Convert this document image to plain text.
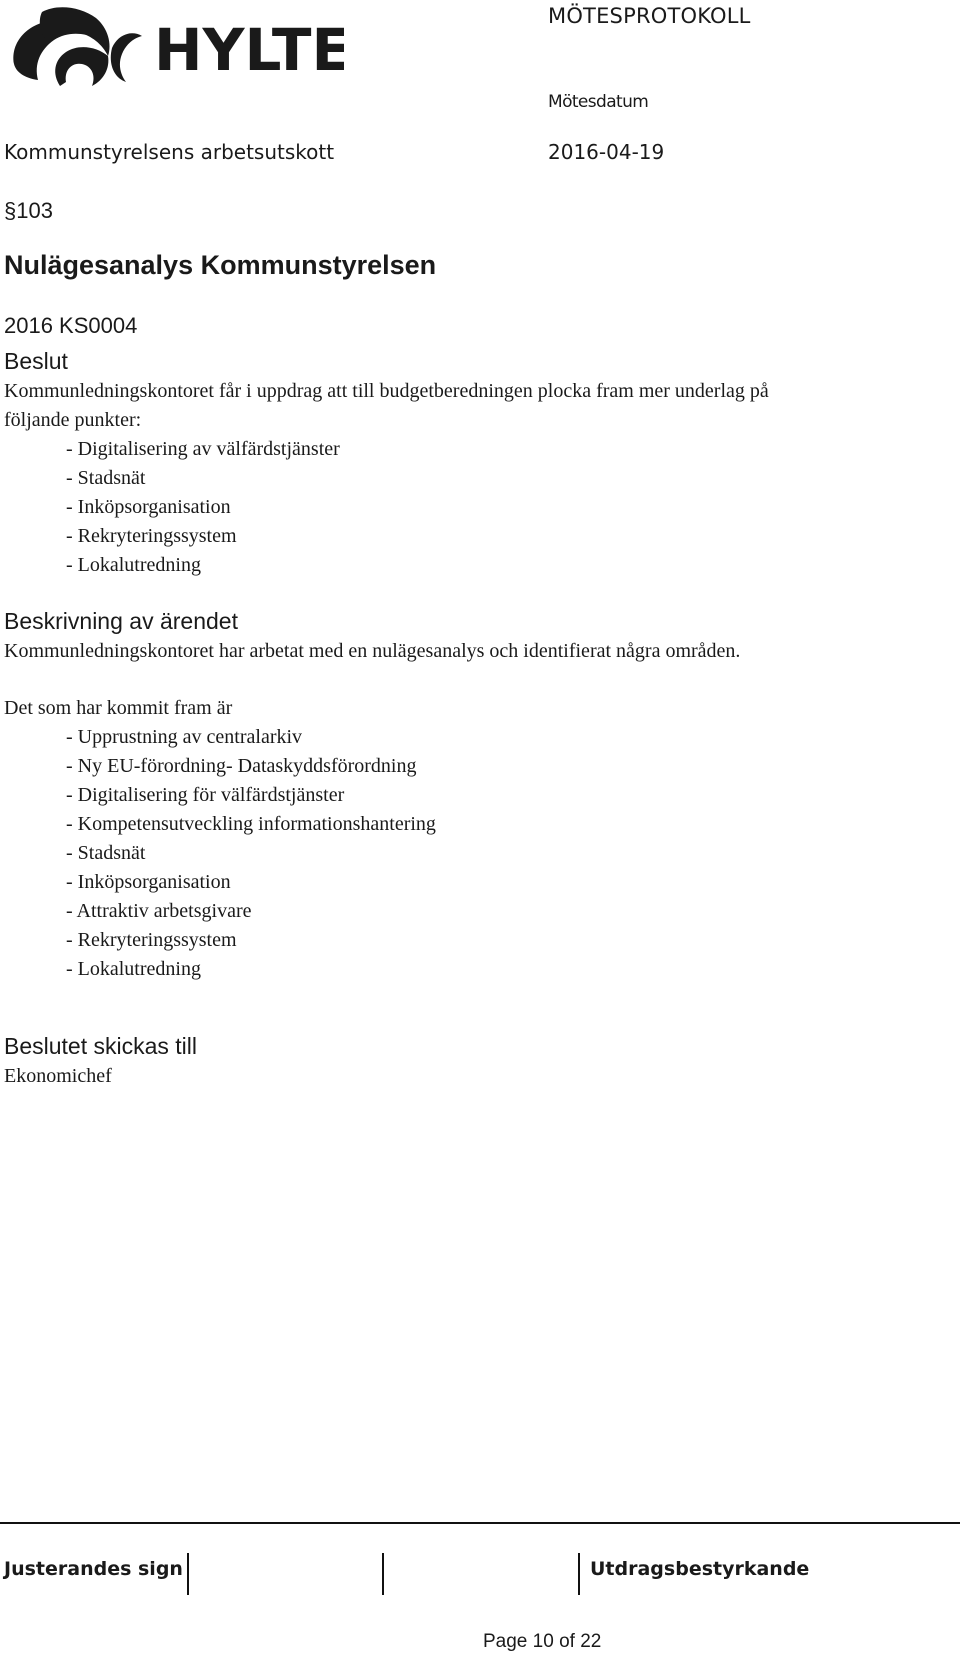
HYLTE	MÖTESPROTOKOLL
Mötesdatum
Kommunstyrelsens arbetsutskott	2016-04-19
§103
Nulägesanalys Kommunstyrelsen
2016 KS0004
Beslut
Kommunledningskontoret får i uppdrag att till budgetberedningen plocka fram mer underlag på
följande punkter:
- Digitalisering av välfärdstjänster
- Stadsnät
- Inköpsorganisation
- Rekryteringssystem
- Lokalutredning
Beskrivning av ärendet
Kommunledningskontoret har arbetat med en nulägesanalys och identifierat några områden.
Det som har kommit fram är
- Upprustning av centralarkiv
- Ny EU-förordning- Dataskyddsförordning
- Digitalisering för välfärdstjänster
- Kompetensutveckling informationshantering
- Stadsnät
- Inköpsorganisation
- Attraktiv arbetsgivare
- Rekryteringssystem
- Lokalutredning
Beslutet skickas till
Ekonomichef
Justerandes sign	Utdragsbestyrkande
Page 10 of 22
